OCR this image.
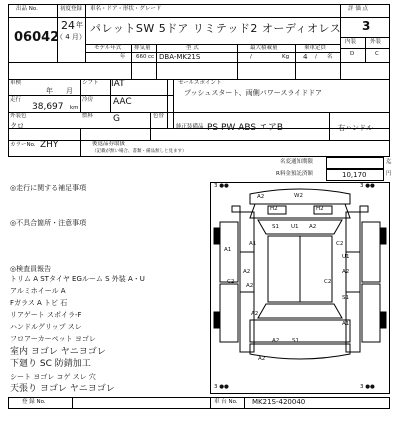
出品 No.
06042
初度登録
24 年
（ 4 月）
車名・ドア・形状・グレード
パレットSW 5ドア リミテッド2 オーディオレス
評 価 点
3
内装	外装
D	C
モデル年式
年
排気量
660 cc
型 式
DBA-MK21S
最大積載量
/	Kg
乗車定員
4 / 名
車検
年 月
シフト IAT
冷房 AAC
走行
38,697 km
燃料 G
セールスポイント
プッシュスタート、両側パワースライドドア
外装色
クロ
色替
純正装備品 PS PW ABS エアB	右ハンドル
カラーNo. ZHY	後退品券取扱
（記載が無い場合、書類・備品無しと見ます）
名変通知期限	迄
R料金預託済額	10,170	円
◎走行に関する補足事項
◎不具合箇所・注意事項
◎検査員報告
トリム A STタイヤ EGルーム S 外装 A・U
アルミホイール A
Fガラス A トビ 石
リアゲート スポイラ-F
ハンドルグリップ スレ
フロアーカーペット ヨゴレ
室内 ヨゴレ ヤニヨゴレ
下廻り SC 防錆加工
シート ヨゴレ コゲ スレ 穴
天張り ヨゴレ ヤニヨゴレ
登 録 No.	車 台 No. MK21S-420040
3 ●●	3 ●●
3 ●●	3 ●●
A2	W2
H2	H2
S1 U1 A2
A1	C2
A1
U1
A2
C2
A2
A2
C2
S1
A2
S1
A2
A1
A2
